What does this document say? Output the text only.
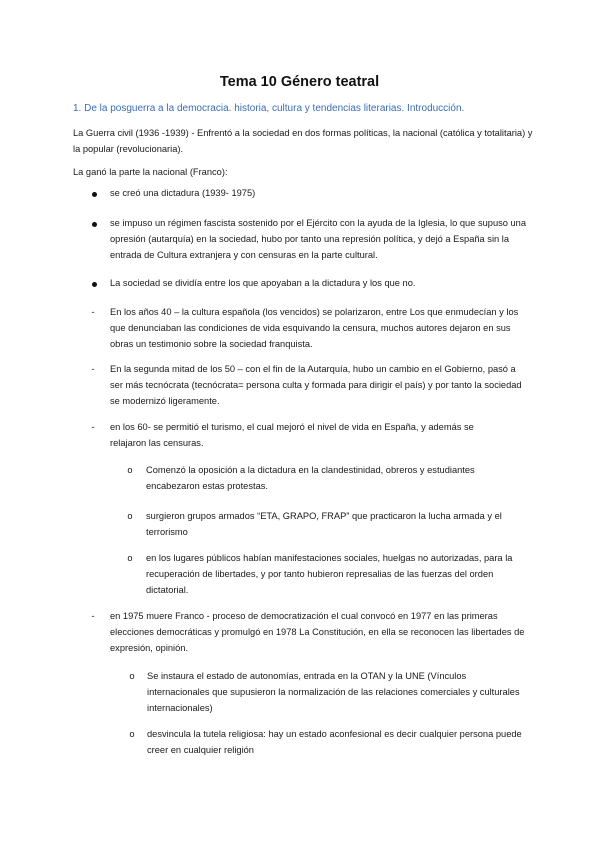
Tema 10 Género teatral
1. De la posguerra a la democracia. historia, cultura y tendencias literarias. Introducción.
La Guerra civil (1936 -1939) - Enfrentó a la sociedad en dos formas políticas, la nacional (católica y totalitaria) y la popular (revolucionaria).
La ganó la parte la nacional (Franco):
se creó una dictadura (1939- 1975)
se impuso un régimen fascista sostenido por el Ejército con la ayuda de la Iglesia, lo que supuso una opresión (autarquía) en la sociedad, hubo por tanto una represión política, y dejó a España sin la entrada de Cultura extranjera y con censuras en la parte cultural.
La sociedad se dividía entre los que apoyaban a la dictadura y los que no.
-	En los años 40 – la cultura española (los vencidos) se polarizaron, entre Los que enmudecían y los que denunciaban las condiciones de vida esquivando la censura, muchos autores dejaron en sus obras un testimonio sobre la sociedad franquista.
-	En la segunda mitad de los 50 – con el fin de la Autarquía, hubo un cambio en el Gobierno, pasó a ser más tecnócrata (tecnócrata= persona culta y formada para dirigir el país) y por tanto la sociedad se modernizó ligeramente.
-	en los 60- se permitió el turismo, el cual mejoró el nivel de vida en España, y además se relajaron las censuras.
o Comenzó la oposición a la dictadura en la clandestinidad, obreros y estudiantes encabezaron estas protestas.
o surgieron grupos armados “ETA, GRAPO, FRAP” que practicaron la lucha armada y el terrorismo
o en los lugares públicos habían manifestaciones sociales, huelgas no autorizadas, para la recuperación de libertades, y por tanto hubieron represalias de las fuerzas del orden dictatorial.
-	en 1975 muere Franco - proceso de democratización el cual convocó en 1977 en las primeras elecciones democráticas y promulgó en 1978 La Constitución, en ella se reconocen las libertades de expresión, opinión.
o Se instaura el estado de autonomías, entrada en la OTAN y la UNE (Vínculos internacionales que supusieron la normalización de las relaciones comerciales y culturales internacionales)
o desvincula la tutela religiosa: hay un estado aconfesional es decir cualquier persona puede creer en cualquier religión
